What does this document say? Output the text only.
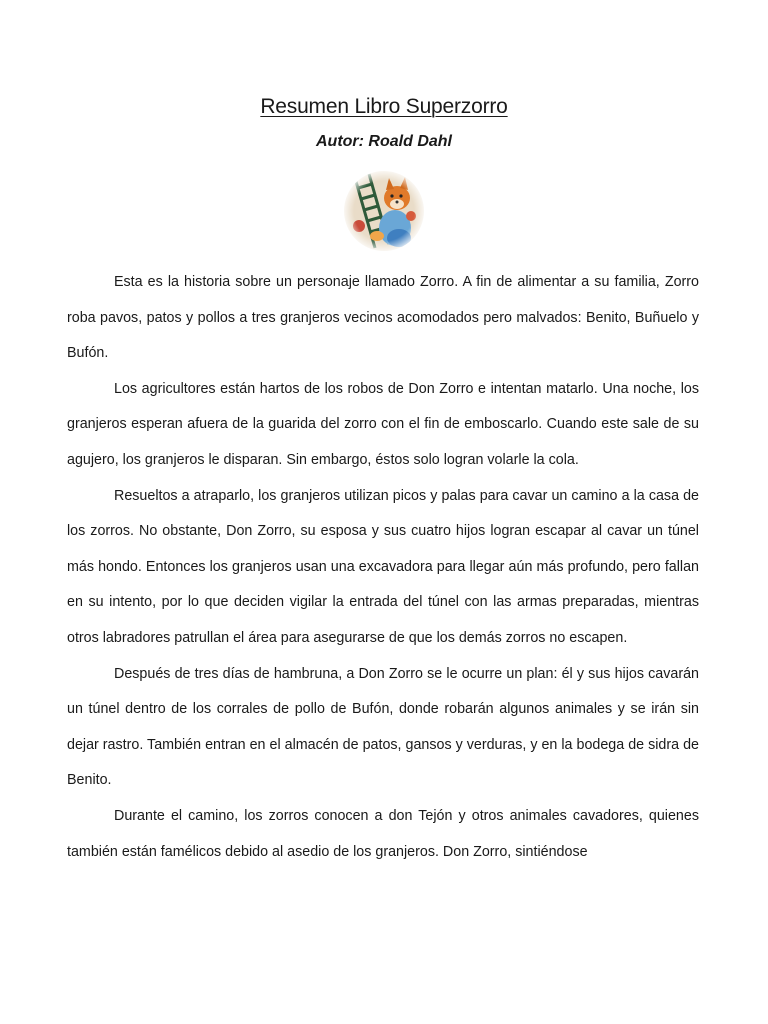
Resumen Libro Superzorro
Autor: Roald Dahl

Esta es la historia sobre un personaje llamado Zorro. A fin de alimentar a su familia, Zorro roba pavos, patos y pollos a tres granjeros vecinos acomodados pero malvados: Benito, Buñuelo y Bufón.

Los agricultores están hartos de los robos de Don Zorro e intentan matarlo. Una noche, los granjeros esperan afuera de la guarida del zorro con el fin de emboscarlo. Cuando este sale de su agujero, los granjeros le disparan. Sin embargo, éstos solo logran volarle la cola.

Resueltos a atraparlo, los granjeros utilizan picos y palas para cavar un camino a la casa de los zorros. No obstante, Don Zorro, su esposa y sus cuatro hijos logran escapar al cavar un túnel más hondo. Entonces los granjeros usan una excavadora para llegar aún más profundo, pero fallan en su intento, por lo que deciden vigilar la entrada del túnel con las armas preparadas, mientras otros labradores patrullan el área para asegurarse de que los demás zorros no escapen.

Después de tres días de hambruna, a Don Zorro se le ocurre un plan: él y sus hijos cavarán un túnel dentro de los corrales de pollo de Bufón, donde robarán algunos animales y se irán sin dejar rastro. También entran en el almacén de patos, gansos y verduras, y en la bodega de sidra de Benito.

Durante el camino, los zorros conocen a don Tejón y otros animales cavadores, quienes también están famélicos debido al asedio de los granjeros. Don Zorro, sintiéndose
